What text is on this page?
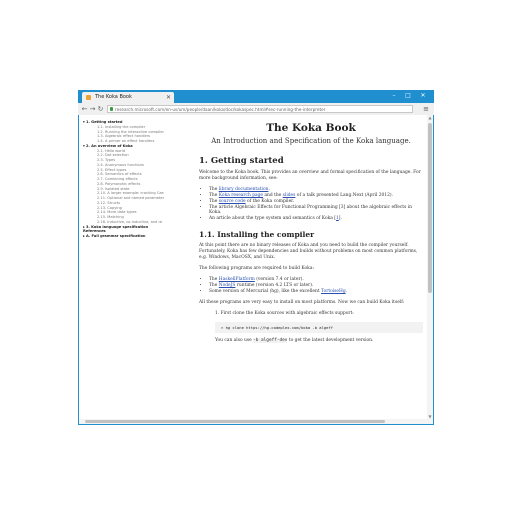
The Koka Book	✕	–	□	✕
← → ↻	research.microsoft.com/en-us/um/people/daan/koka/doc/kokaspec.html#sec-running-the-interpreter	≡
▾ 1. Getting started
1.1. Installing the compiler
1.2. Running the interactive compiler
1.3. Algebraic effect handlers
1.4. A primer on effect handlers
▾ 2. An overview of Koka
2.1. Hello world
2.2. Dot selection
2.3. Types
2.4. Anonymous functions
2.5. Effect types
2.6. Semantics of effects
2.7. Combining effects
2.8. Polymorphic effects
2.9. Isolated state
2.10. A larger example: cracking Cae
2.11. Optional and named parameter
2.12. Structs
2.13. Copying
2.14. More data types
2.15. Matching
2.16. Inductive, co-inductive, and re
▸ 3. Koka language specification
References
▸ A. Full grammar specification
The Koka Book
An Introduction and Specification of the Koka language.
1. Getting started

Welcome to the Koka book. This provides an overview and formal specification of the language. For more background information, see:

• The library documentation.
• The Koka research page and the slides of a talk presented Lang.Next (April 2012).
• The source code of the Koka compiler.
• The article Algebraic Effects for Functional Programming [3] about the algebraic effects in Koka.
• An article about the type system and semantics of Koka [1].
1.1. Installing the compiler

At this point there are no binary releases of Koka and you need to build the compiler yourself. Fortunately, Koka has few dependencies and builds without problems on most common platforms, e.g. Windows, MacOSX, and Unix.

The following programs are required to build Koka:

• The HaskellPlatform (version 7.4 or later).
• The NodeJS runtime (version 4.2 LTS or later).
• Some version of Mercurial (hg), like the excellent TortoiseHg.

All these programs are very easy to install on most platforms. Now we can build Koka itself:

1. First clone the Koka sources with algebraic effects support:

> hg clone https://hg.codeplex.com/koka -b algeff

You can also use -b algeff-dev to get the latest development version.

▲
▼
